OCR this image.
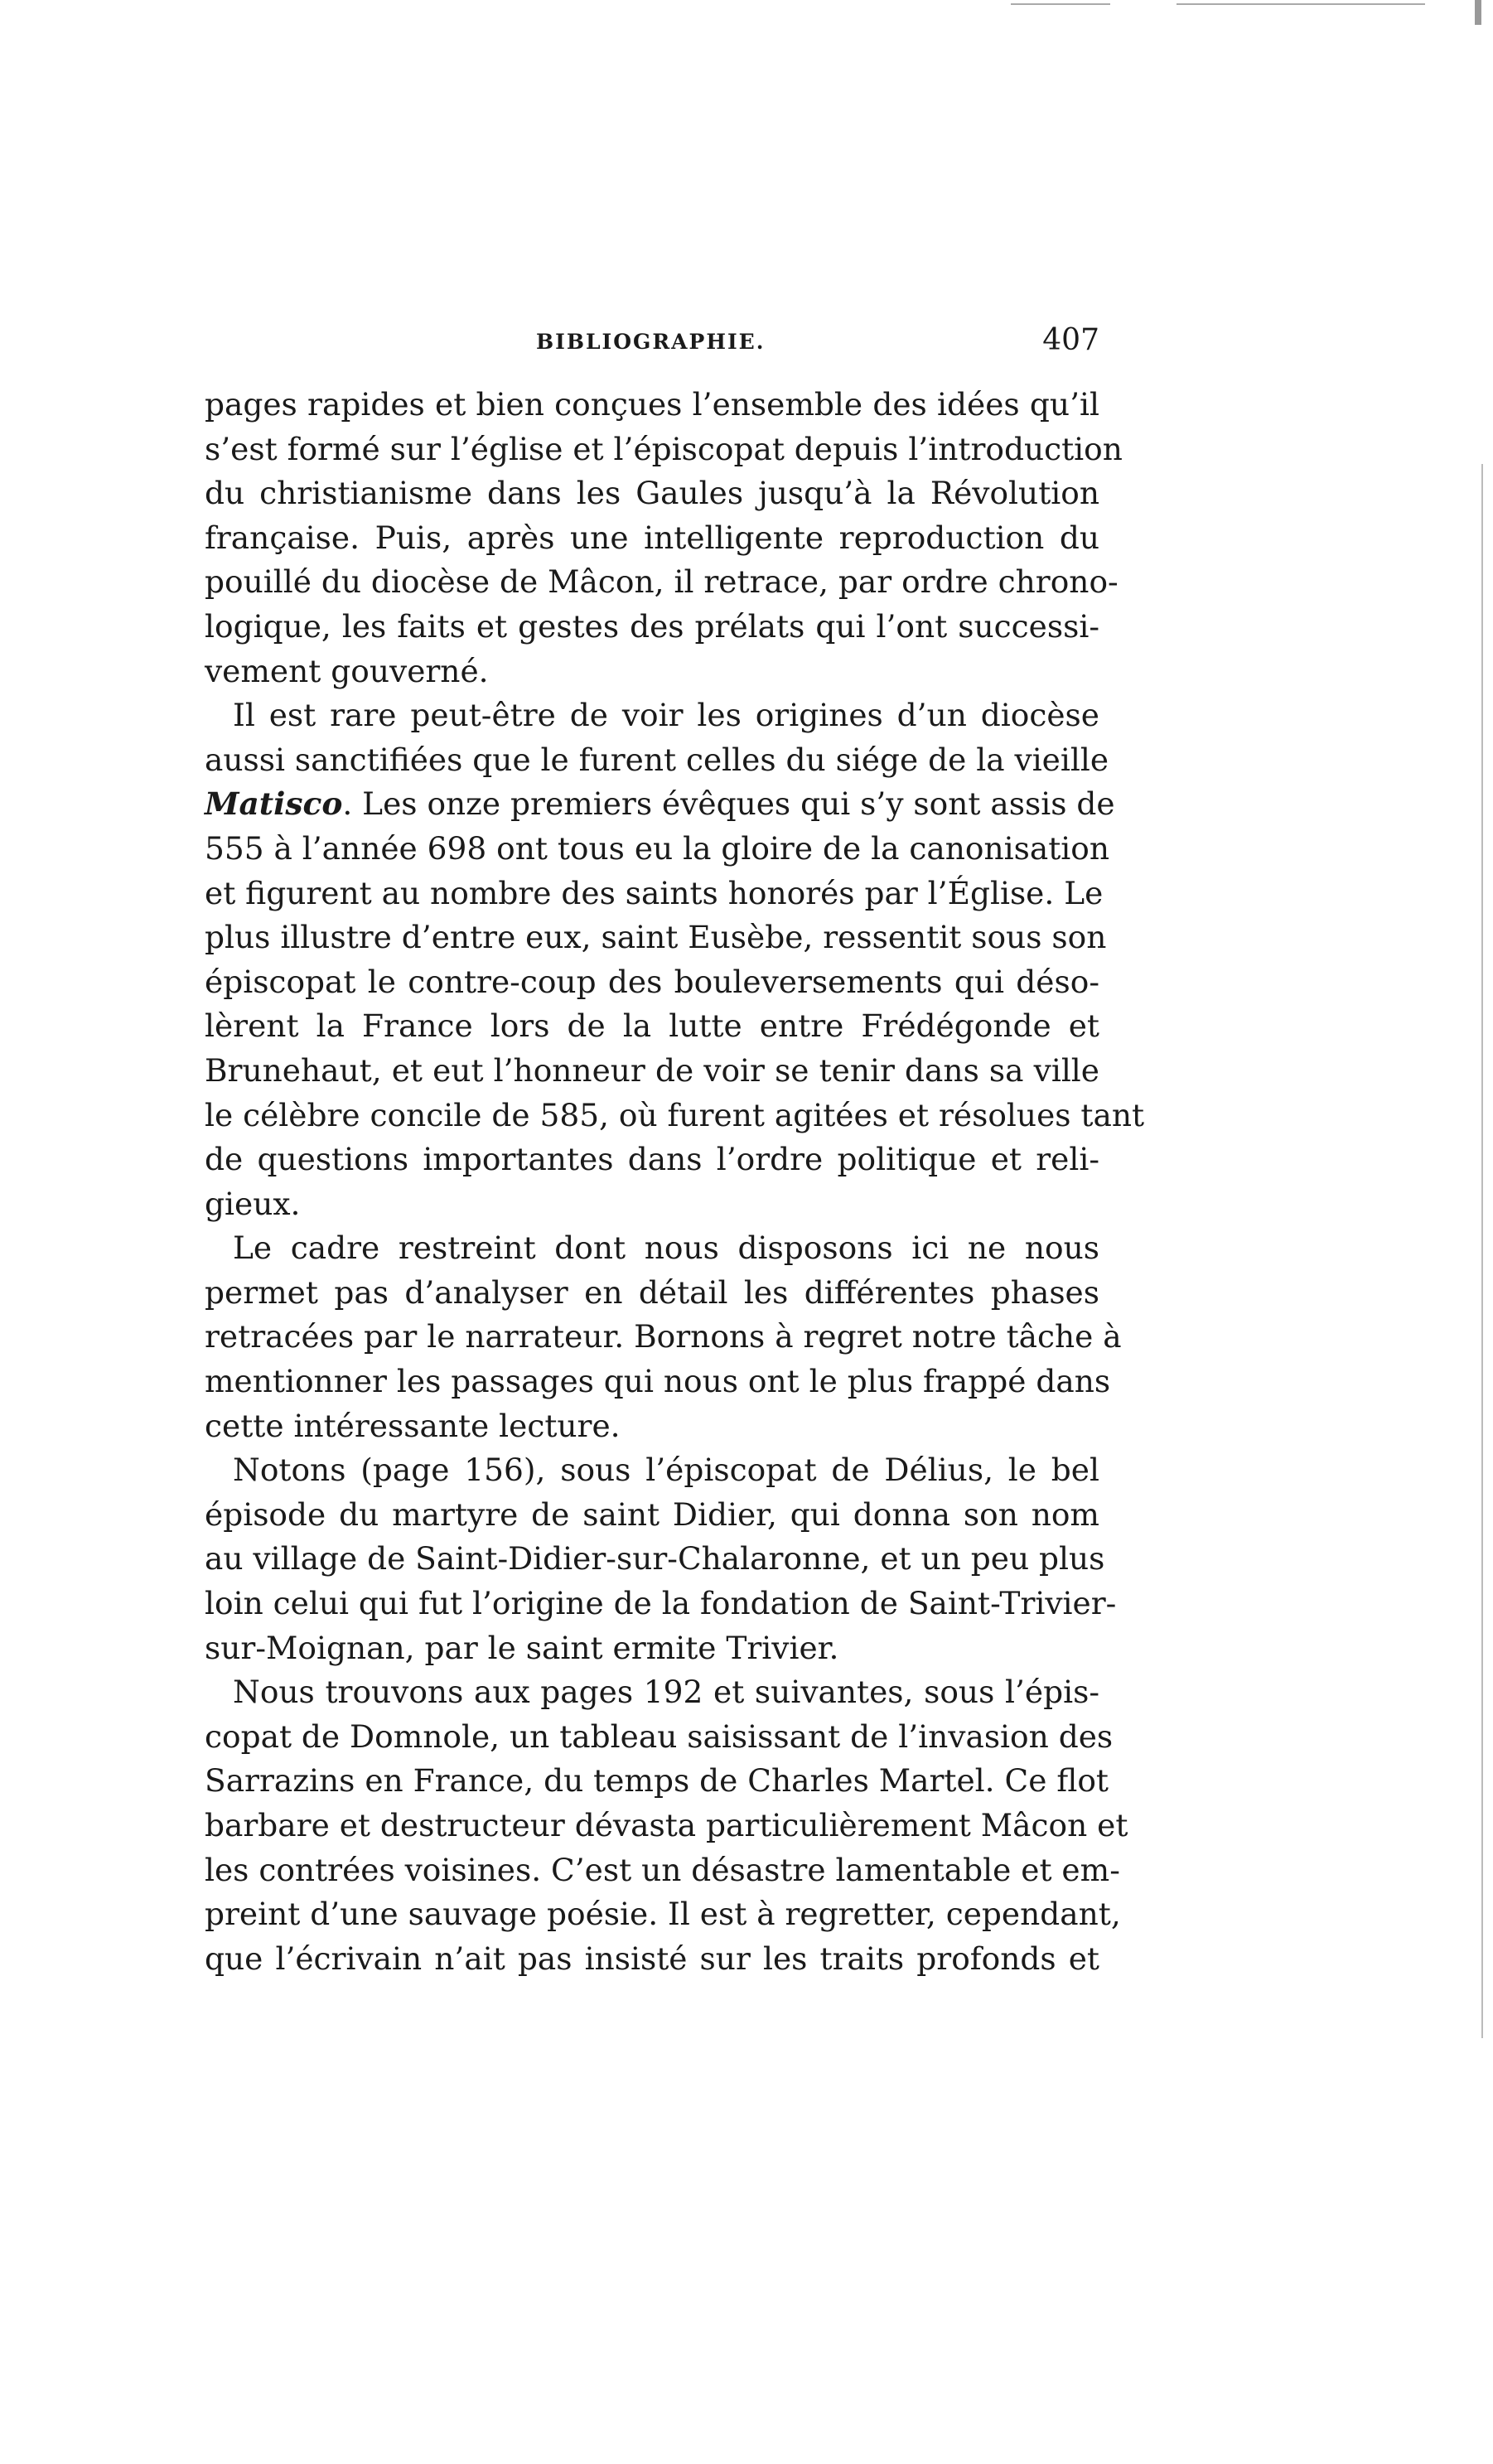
BIBLIOGRAPHIE.	407
pages rapides et bien conçues l’ensemble des idées qu’il
s’est formé sur l’église et l’épiscopat depuis l’introduction
du christianisme dans les Gaules jusqu’à la Révolution
française. Puis, après une intelligente reproduction du
pouillé du diocèse de Mâcon, il retrace, par ordre chrono-
logique, les faits et gestes des prélats qui l’ont successi-
vement gouverné.
Il est rare peut-être de voir les origines d’un diocèse
aussi sanctifiées que le furent celles du siége de la vieille
Matisco. Les onze premiers évêques qui s’y sont assis de
555 à l’année 698 ont tous eu la gloire de la canonisation
et figurent au nombre des saints honorés par l’Église. Le
plus illustre d’entre eux, saint Eusèbe, ressentit sous son
épiscopat le contre-coup des bouleversements qui déso-
lèrent la France lors de la lutte entre Frédégonde et
Brunehaut, et eut l’honneur de voir se tenir dans sa ville
le célèbre concile de 585, où furent agitées et résolues tant
de questions importantes dans l’ordre politique et reli-
gieux.
Le cadre restreint dont nous disposons ici ne nous
permet pas d’analyser en détail les différentes phases
retracées par le narrateur. Bornons à regret notre tâche à
mentionner les passages qui nous ont le plus frappé dans
cette intéressante lecture.
Notons (page 156), sous l’épiscopat de Délius, le bel
épisode du martyre de saint Didier, qui donna son nom
au village de Saint-Didier-sur-Chalaronne, et un peu plus
loin celui qui fut l’origine de la fondation de Saint-Trivier-
sur-Moignan, par le saint ermite Trivier.
Nous trouvons aux pages 192 et suivantes, sous l’épis-
copat de Domnole, un tableau saisissant de l’invasion des
Sarrazins en France, du temps de Charles Martel. Ce flot
barbare et destructeur dévasta particulièrement Mâcon et
les contrées voisines. C’est un désastre lamentable et em-
preint d’une sauvage poésie. Il est à regretter, cependant,
que l’écrivain n’ait pas insisté sur les traits profonds et
